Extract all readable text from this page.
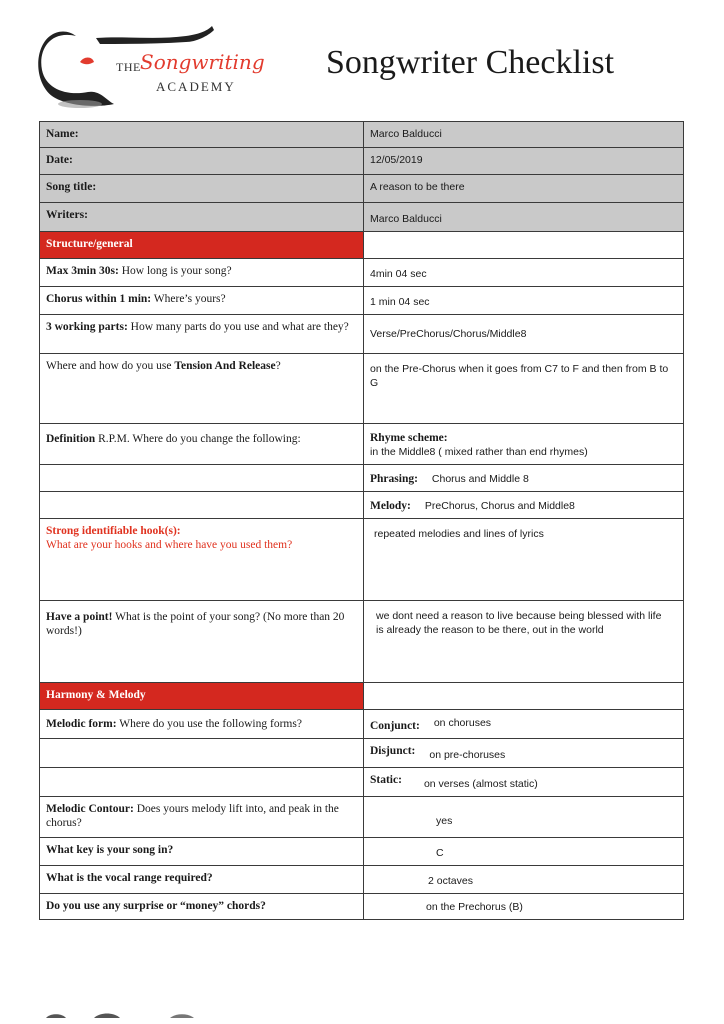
THE Songwriting
ACADEMY
Songwriter Checklist
Name:	Marco Balducci
Date:	12/05/2019
Song title:	A reason to be there
Writers:	Marco Balducci
Structure/general	
Max 3min 30s: How long is your song?	4min 04 sec
Chorus within 1 min: Where’s yours?	1 min 04 sec
3 working parts: How many parts do you use and what are they?	Verse/PreChorus/Chorus/Middle8
Where and how do you use Tension And Release?	on the Pre-Chorus when it goes from C7 to F and then from B to G
Definition R.P.M. Where do you change the following:	Rhyme scheme:in the Middle8 ( mixed rather than end rhymes)
	Phrasing: Chorus and Middle 8
	Melody: PreChorus, Chorus and Middle8
Strong identifiable hook(s):
What are your hooks and where have you used them?	repeated melodies and lines of lyrics
Have a point! What is the point of your song? (No more than 20 words!)	we dont need a reason to live because being blessed with life
is already the reason to be there, out in the world
Harmony & Melody	
Melodic form: Where do you use the following forms?	Conjunct: on choruses
	Disjunct: on pre-choruses
	Static: on verses (almost static)
Melodic Contour: Does yours melody lift into, and peak in the chorus?	yes
What key is your song in?	C
What is the vocal range required?	2 octaves
Do you use any surprise or “money” chords?	on the Prechorus (B)
